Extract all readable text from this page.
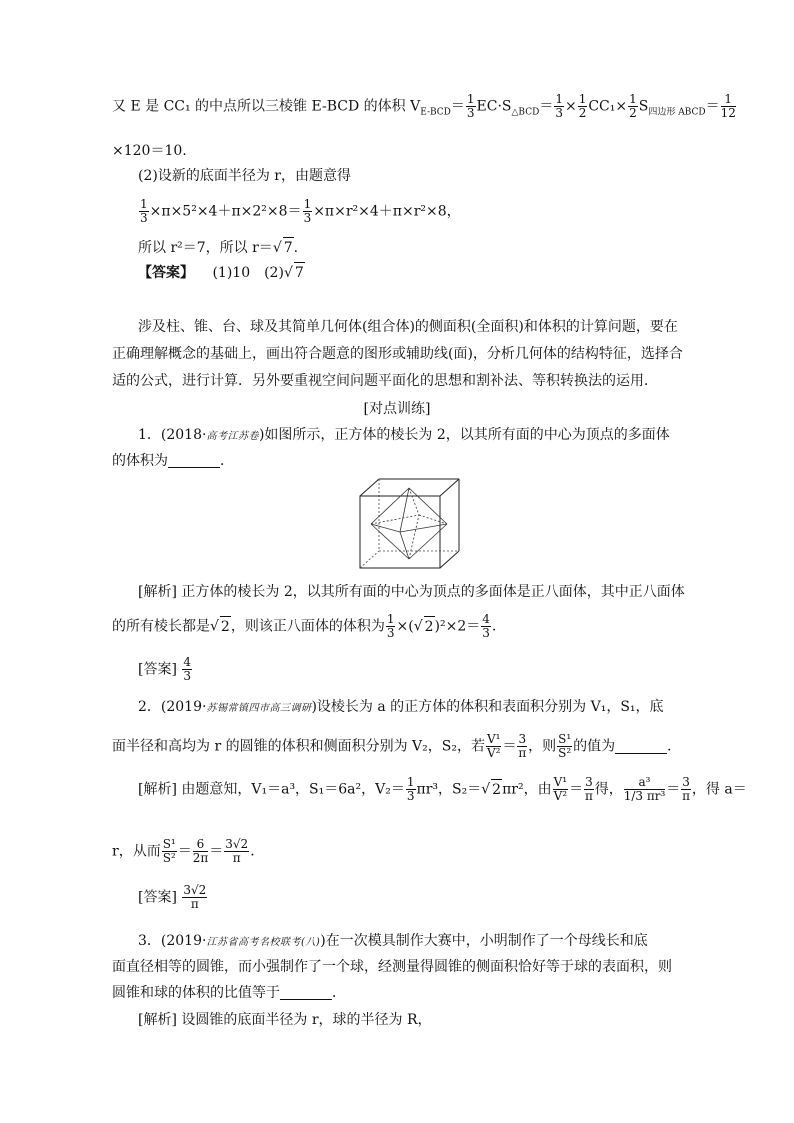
又 E 是 CC₁ 的中点所以三棱锥 E-BCD 的体积 $V_{E-BCD}= \frac{1}{3} EC\cdot S_{\triangle BCD}= \frac{1}{3} \times \frac{1}{2} CC_1\times \frac{1}{2} S_{四边形 ABCD}= \frac{1}{12}$
×120＝10.
(2)设新的底面半径为 r，由题意得
$\frac{1}{3} \times\pi\times 5^2\times 4+\pi\times 2^2\times 8= \frac{1}{3} \times\pi\times r^2\times 4+\pi\times r^2\times 8$，
所以 r²＝7，所以 r＝√ 7.
【答案】 (1)10　(2)√ 7
涉及柱、锥、台、球及其简单几何体(组合体)的侧面积(全面积)和体积的计算问题，要在
正确理解概念的基础上，画出符合题意的图形或辅助线(面)，分析几何体的结构特征，选择合
适的公式，进行计算．另外要重视空间问题平面化的思想和割补法、等积转换法的运用．
[对点训练]
1．(2018·高考江苏卷)如图所示，正方体的棱长为 2，以其所有面的中心为顶点的多面体
的体积为	．
[解析] 正方体的棱长为 2，以其所有面的中心为顶点的多面体是正八面体，其中正八面体
的所有棱长都是√ 2，则该正八面体的体积为 $\frac{1}{3}$ ×(√ $2)^2\times 2= \frac{4}{3}$ .
[答案] $\frac{4}{3}$
2．(2019·苏锡常镇四市高三调研)设棱长为 a 的正方体的体积和表面积分别为 V₁，S₁，底
面半径和高均为 r 的圆锥的体积和侧面积分别为 V₂，S₂，若 $\frac{\text{V¹}}{\text{V²}} = \frac{3}{\pi}$ ，则 $\frac{\text{S¹}}{\text{S²}}$ 的值为	．
[解析] 由题意知，V₁＝a³，S₁＝6a²，$V_2= \frac{1}{3} \pi r^3$，S₂＝√ 2πr²，由 $\frac{\text{V¹}}{\text{V²}} = \frac{3}{\pi}$ 得， $\frac{\text{a³}}{\text{1/3 πr³}} = \frac{3}{\pi}$ ，得 a＝
r，从而 $\frac{\text{S¹}}{\text{S²}} = \frac{6}{2\pi} = \frac{3√2}{\pi}$ .
[答案] $\frac{3√2}{\pi}$
3．(2019·江苏省高考名校联考(八))在一次模具制作大赛中，小明制作了一个母线长和底
面直径相等的圆锥，而小强制作了一个球，经测量得圆锥的侧面积恰好等于球的表面积，则
圆锥和球的体积的比值等于	．
[解析] 设圆锥的底面半径为 r，球的半径为 R，
